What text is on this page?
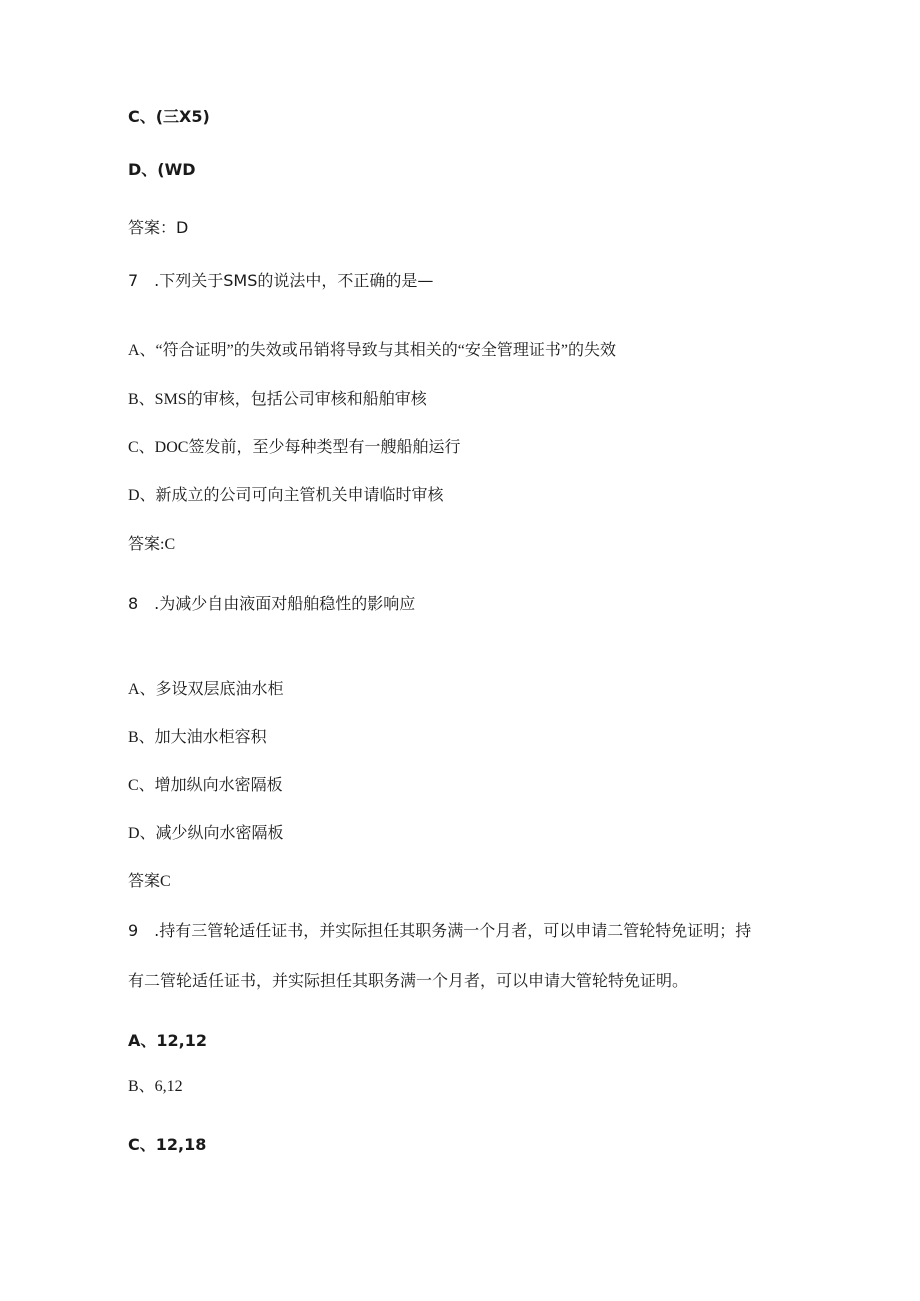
C、(三X5)
D、(WD
答案：D
7　.下列关于SMS的说法中，不正确的是—
A、“符合证明”的失效或吊销将导致与其相关的“安全管理证书”的失效
B、SMS的审核，包括公司审核和船舶审核
C、DOC签发前，至少每种类型有一艘船舶运行
D、新成立的公司可向主管机关申请临时审核
答案:C
8　.为减少自由液面对船舶稳性的影响应
A、多设双层底油水柜
B、加大油水柜容积
C、增加纵向水密隔板
D、减少纵向水密隔板
答案C
9　.持有三管轮适任证书，并实际担任其职务满一个月者，可以申请二管轮特免证明；持
有二管轮适任证书，并实际担任其职务满一个月者，可以申请大管轮特免证明。
A、12,12
B、6,12
C、12,18
